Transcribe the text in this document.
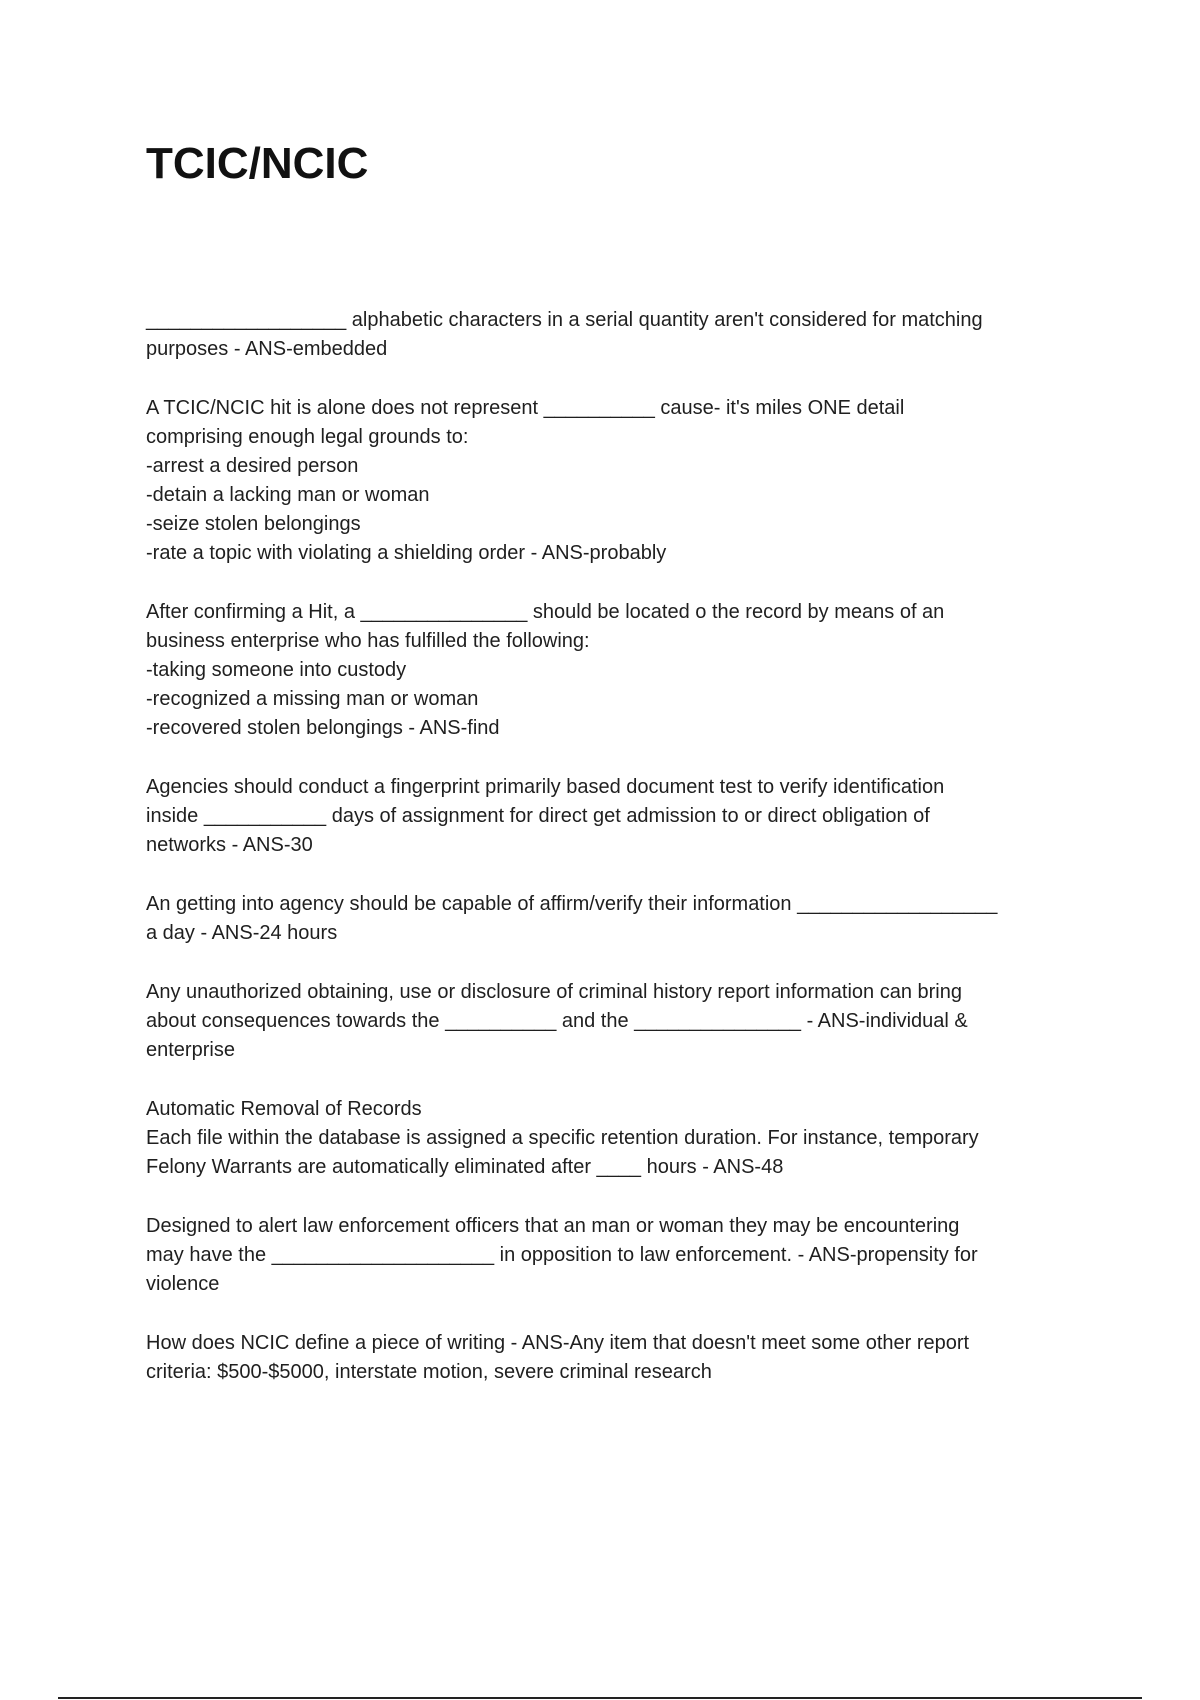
TCIC/NCIC

__________________ alphabetic characters in a serial quantity aren't considered for matching
purposes - ANS-embedded

A TCIC/NCIC hit is alone does not represent __________ cause- it's miles ONE detail
comprising enough legal grounds to:
-arrest a desired person
-detain a lacking man or woman
-seize stolen belongings
-rate a topic with violating a shielding order - ANS-probably

After confirming a Hit, a _______________ should be located o the record by means of an
business enterprise who has fulfilled the following:
-taking someone into custody
-recognized a missing man or woman
-recovered stolen belongings - ANS-find

Agencies should conduct a fingerprint primarily based document test to verify identification
inside ___________ days of assignment for direct get admission to or direct obligation of
networks - ANS-30

An getting into agency should be capable of affirm/verify their information __________________
a day - ANS-24 hours

Any unauthorized obtaining, use or disclosure of criminal history report information can bring
about consequences towards the __________ and the _______________ - ANS-individual &
enterprise

Automatic Removal of Records
Each file within the database is assigned a specific retention duration. For instance, temporary
Felony Warrants are automatically eliminated after ____ hours - ANS-48

Designed to alert law enforcement officers that an man or woman they may be encountering
may have the ____________________ in opposition to law enforcement. - ANS-propensity for
violence

How does NCIC define a piece of writing - ANS-Any item that doesn't meet some other report
criteria: $500-$5000, interstate motion, severe criminal research
